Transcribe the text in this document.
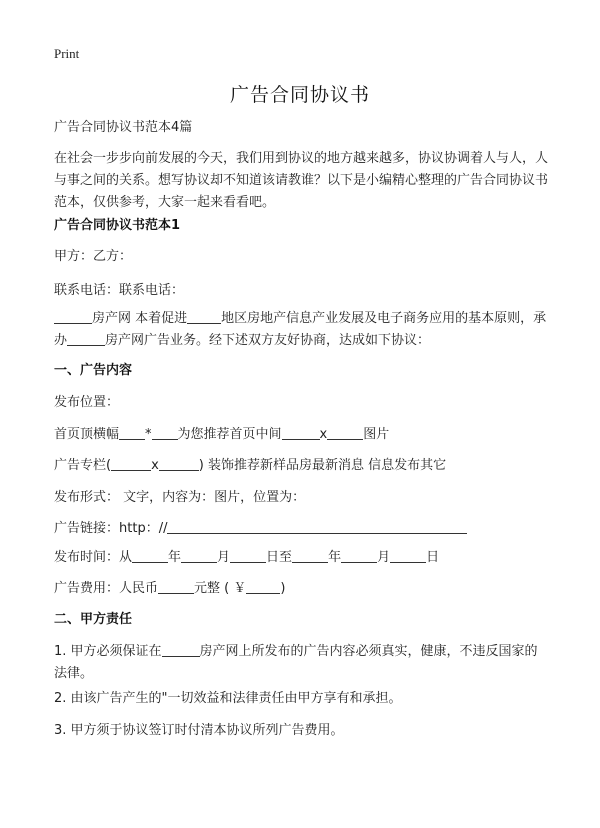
Print
广告合同协议书
广告合同协议书范本4篇
在社会一步步向前发展的今天，我们用到协议的地方越来越多，协议协调着人与人，人与事之间的关系。想写协议却不知道该请教谁？以下是小编精心整理的广告合同协议书范本，仅供参考，大家一起来看看吧。
广告合同协议书范本1
甲方：乙方：
联系电话：联系电话：
房产网 本着促进	地区房地产信息产业发展及电子商务应用的基本原则，承办	房产网广告业务。经下述双方友好协商，达成如下协议：
一、广告内容
发布位置：
首页顶横幅 * 为您推荐首页中间	x	图片
广告专栏(	x	) 装饰推荐新样品房最新消息 信息发布其它
发布形式： 文字，内容为：图片，位置为：
广告链接：http：//
发布时间：从	年	月	日至	年	月	日
广告费用：人民币	元整 ( ￥	)
二、甲方责任
1. 甲方必须保证在	房产网上所发布的广告内容必须真实，健康，不违反国家的法律。
2. 由该广告产生的"一切效益和法律责任由甲方享有和承担。
3. 甲方须于协议签订时付清本协议所列广告费用。
